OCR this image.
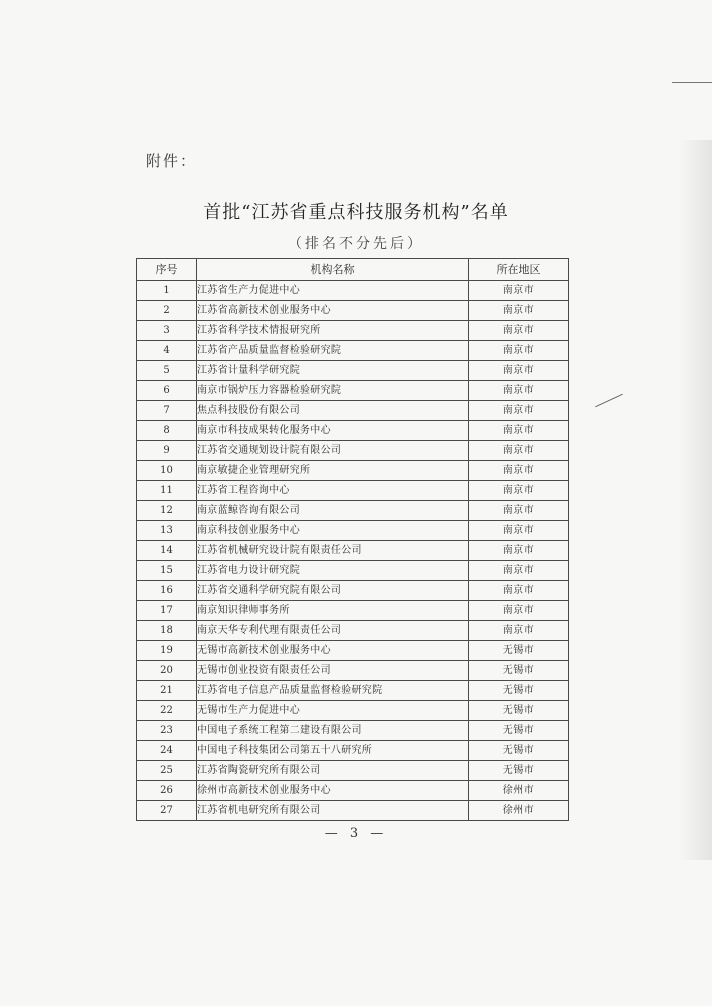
附件：
首批“江苏省重点科技服务机构”名单
（排名不分先后）
序号	机构名称	所在地区
1	江苏省生产力促进中心	南京市
2	江苏省高新技术创业服务中心	南京市
3	江苏省科学技术情报研究所	南京市
4	江苏省产品质量监督检验研究院	南京市
5	江苏省计量科学研究院	南京市
6	南京市锅炉压力容器检验研究院	南京市
7	焦点科技股份有限公司	南京市
8	南京市科技成果转化服务中心	南京市
9	江苏省交通规划设计院有限公司	南京市
10	南京敏捷企业管理研究所	南京市
11	江苏省工程咨询中心	南京市
12	南京蓝鲸咨询有限公司	南京市
13	南京科技创业服务中心	南京市
14	江苏省机械研究设计院有限责任公司	南京市
15	江苏省电力设计研究院	南京市
16	江苏省交通科学研究院有限公司	南京市
17	南京知识律师事务所	南京市
18	南京天华专利代理有限责任公司	南京市
19	无锡市高新技术创业服务中心	无锡市
20	无锡市创业投资有限责任公司	无锡市
21	江苏省电子信息产品质量监督检验研究院	无锡市
22	无锡市生产力促进中心	无锡市
23	中国电子系统工程第二建设有限公司	无锡市
24	中国电子科技集团公司第五十八研究所	无锡市
25	江苏省陶瓷研究所有限公司	无锡市
26	徐州市高新技术创业服务中心	徐州市
27	江苏省机电研究所有限公司	徐州市
— 3 —
